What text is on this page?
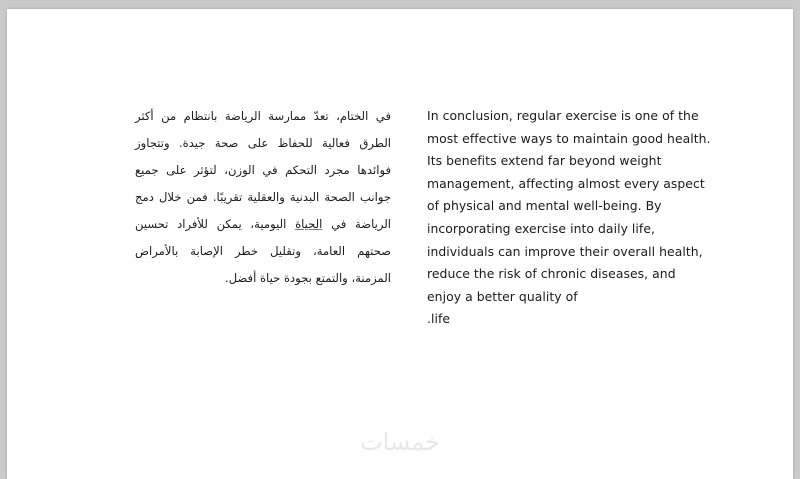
في الختام، تعدّ ممارسة الرياضة بانتظام من أكثر الطرق فعالية للحفاظ على صحة جيدة. وتتجاوز فوائدها مجرد التحكم في الوزن، لتؤثر على جميع جوانب الصحة البدنية والعقلية تقريبًا. فمن خلال دمج الرياضة في الحياة اليومية، يمكن للأفراد تحسين صحتهم العامة، وتقليل خطر الإصابة بالأمراض المزمنة، والتمتع بجودة حياة أفضل.
In conclusion, regular exercise is one of the most effective ways to maintain good health. Its benefits extend far beyond weight management, affecting almost every aspect of physical and mental well-being. By incorporating exercise into daily life, individuals can improve their overall health, reduce the risk of chronic diseases, and enjoy a better quality of
.life
خمسات
